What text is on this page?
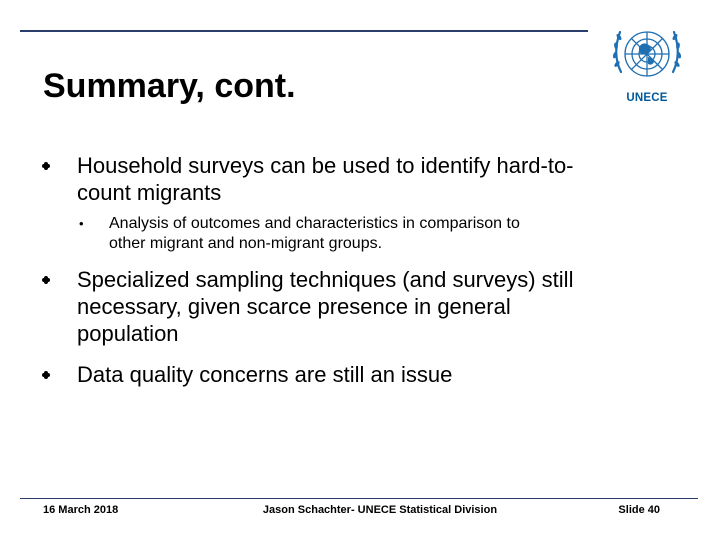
Summary, cont.	UNECE
Household surveys can be used to identify hard-to-
count migrants
• Analysis of outcomes and characteristics in comparison to
other migrant and non-migrant groups.
Specialized sampling techniques (and surveys) still
necessary, given scarce presence in general
population
Data quality concerns are still an issue
16 March 2018	Jason Schachter- UNECE Statistical Division	Slide 40
